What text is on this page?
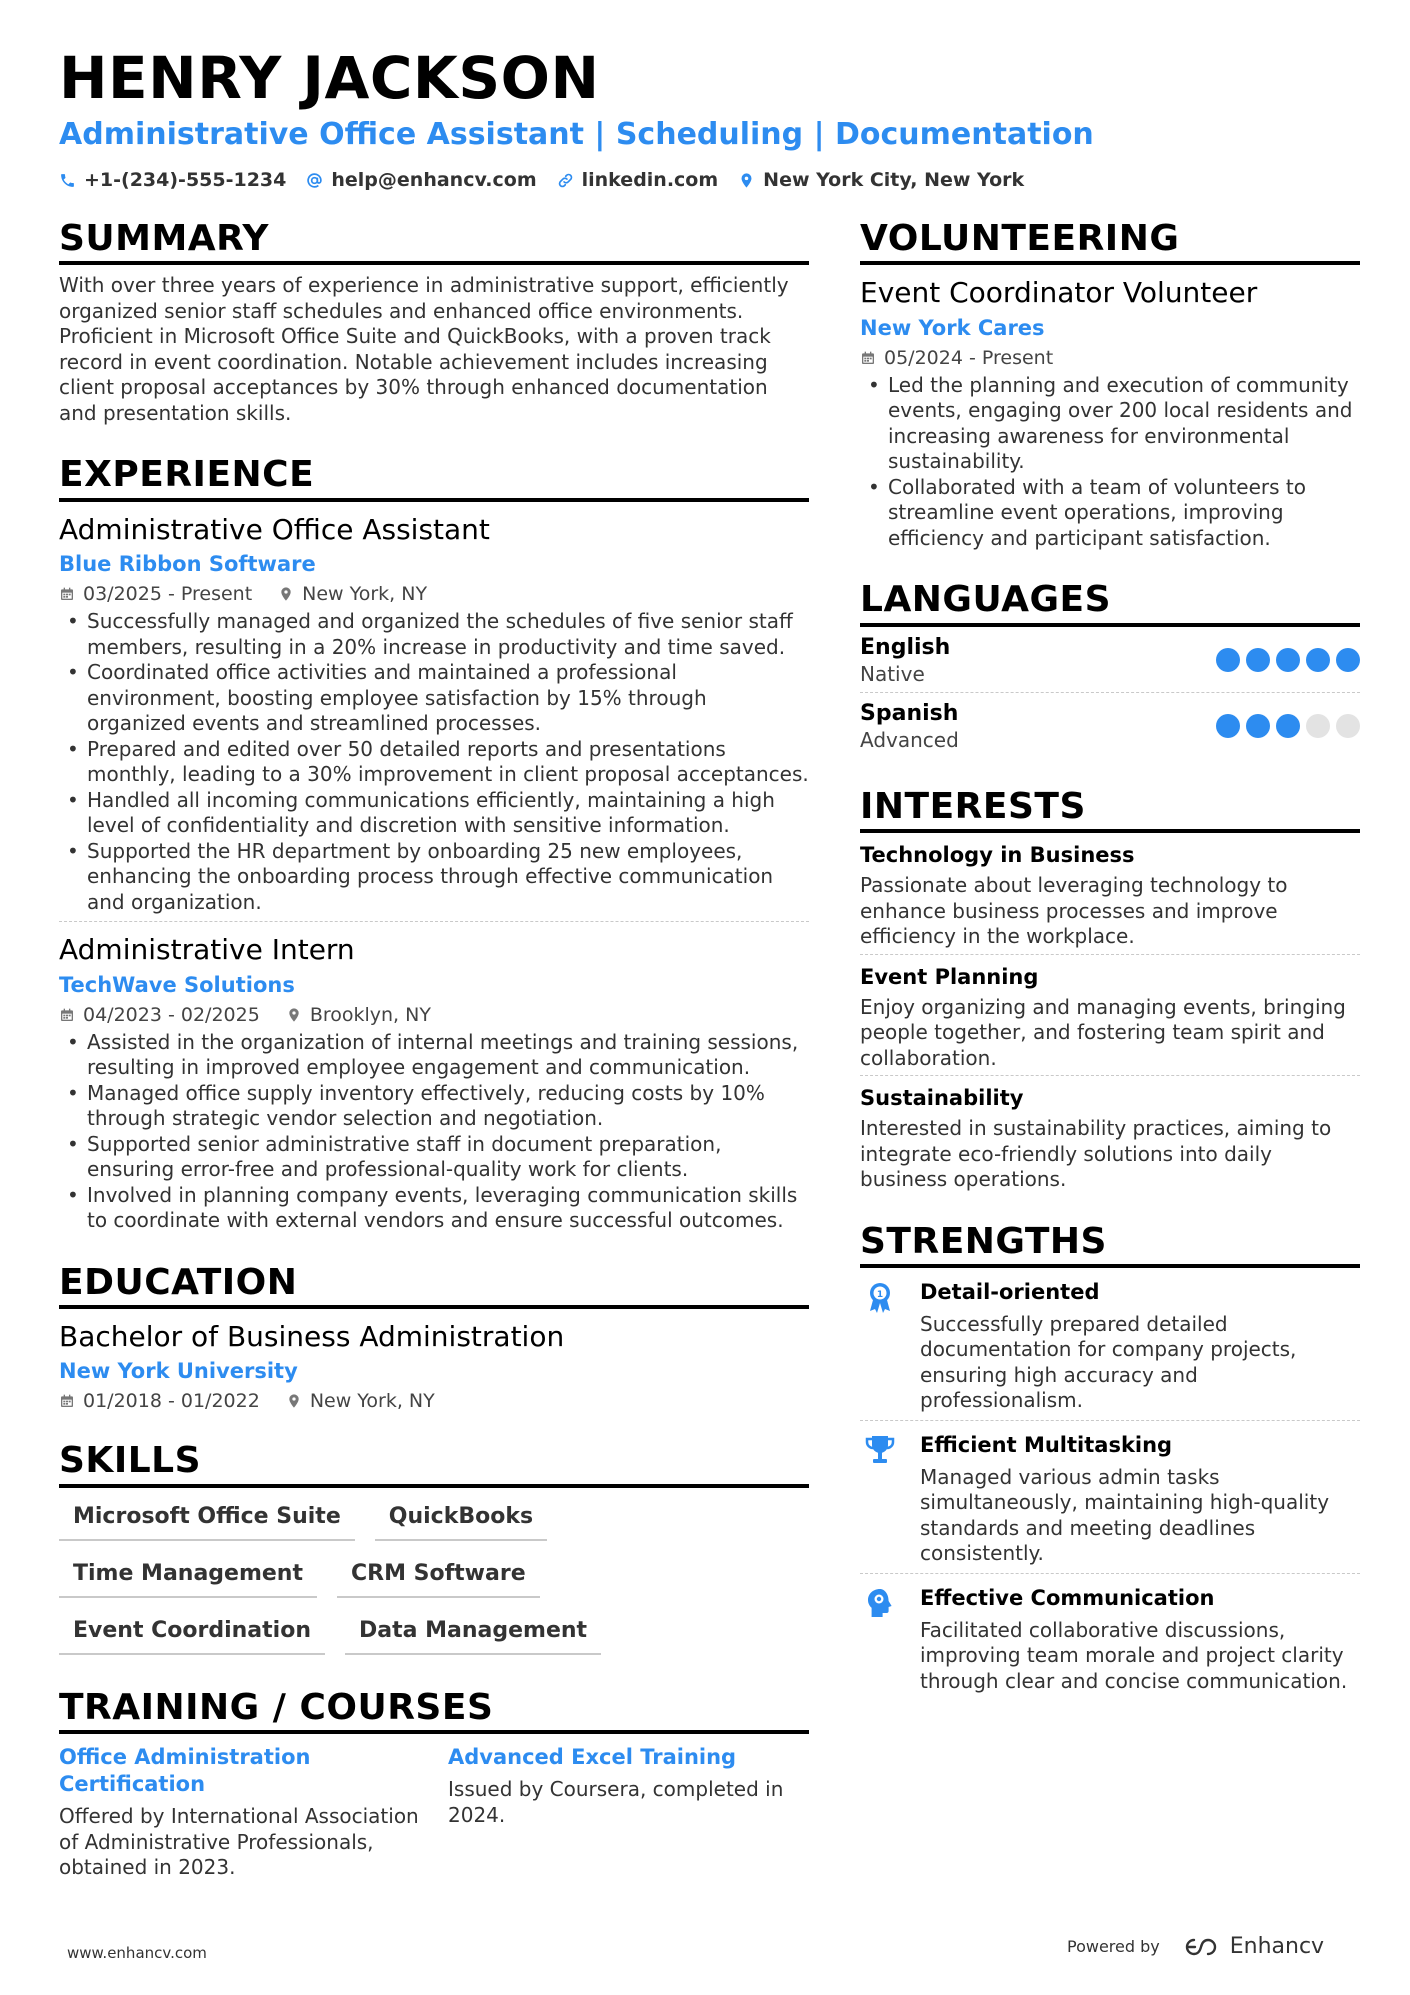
HENRY JACKSON
Administrative Office Assistant | Scheduling | Documentation
+1-(234)-555-1234 help@enhancv.com linkedin.com New York City, New York
SUMMARY
With over three years of experience in administrative support, efficiently organized senior staff schedules and enhanced office environments. Proficient in Microsoft Office Suite and QuickBooks, with a proven track record in event coordination. Notable achievement includes increasing client proposal acceptances by 30% through enhanced documentation and presentation skills.
EXPERIENCE
Administrative Office Assistant
Blue Ribbon Software
03/2025 - Present	New York, NY
• Successfully managed and organized the schedules of five senior staff members, resulting in a 20% increase in productivity and time saved.
• Coordinated office activities and maintained a professional environment, boosting employee satisfaction by 15% through organized events and streamlined processes.
• Prepared and edited over 50 detailed reports and presentations monthly, leading to a 30% improvement in client proposal acceptances.
• Handled all incoming communications efficiently, maintaining a high level of confidentiality and discretion with sensitive information.
• Supported the HR department by onboarding 25 new employees, enhancing the onboarding process through effective communication and organization.
Administrative Intern
TechWave Solutions
04/2023 - 02/2025	Brooklyn, NY
• Assisted in the organization of internal meetings and training sessions, resulting in improved employee engagement and communication.
• Managed office supply inventory effectively, reducing costs by 10% through strategic vendor selection and negotiation.
• Supported senior administrative staff in document preparation, ensuring error-free and professional-quality work for clients.
• Involved in planning company events, leveraging communication skills to coordinate with external vendors and ensure successful outcomes.
EDUCATION
Bachelor of Business Administration
New York University
01/2018 - 01/2022	New York, NY
SKILLS
Microsoft Office Suite	QuickBooks
Time Management	CRM Software
Event Coordination	Data Management
TRAINING / COURSES
Office Administration Certification
Offered by International Association of Administrative Professionals, obtained in 2023.
Advanced Excel Training
Issued by Coursera, completed in 2024.
VOLUNTEERING
Event Coordinator Volunteer
New York Cares
05/2024 - Present
• Led the planning and execution of community events, engaging over 200 local residents and increasing awareness for environmental sustainability.
• Collaborated with a team of volunteers to streamline event operations, improving efficiency and participant satisfaction.
LANGUAGES
English
Native
Spanish
Advanced
INTERESTS
Technology in Business
Passionate about leveraging technology to enhance business processes and improve efficiency in the workplace.
Event Planning
Enjoy organizing and managing events, bringing people together, and fostering team spirit and collaboration.
Sustainability
Interested in sustainability practices, aiming to integrate eco-friendly solutions into daily business operations.
STRENGTHS
1 Detail-oriented
Successfully prepared detailed documentation for company projects, ensuring high accuracy and professionalism.
Efficient Multitasking
Managed various admin tasks simultaneously, maintaining high-quality standards and meeting deadlines consistently.
Effective Communication
Facilitated collaborative discussions, improving team morale and project clarity through clear and concise communication.
www.enhancv.com	Powered by	Enhancv
